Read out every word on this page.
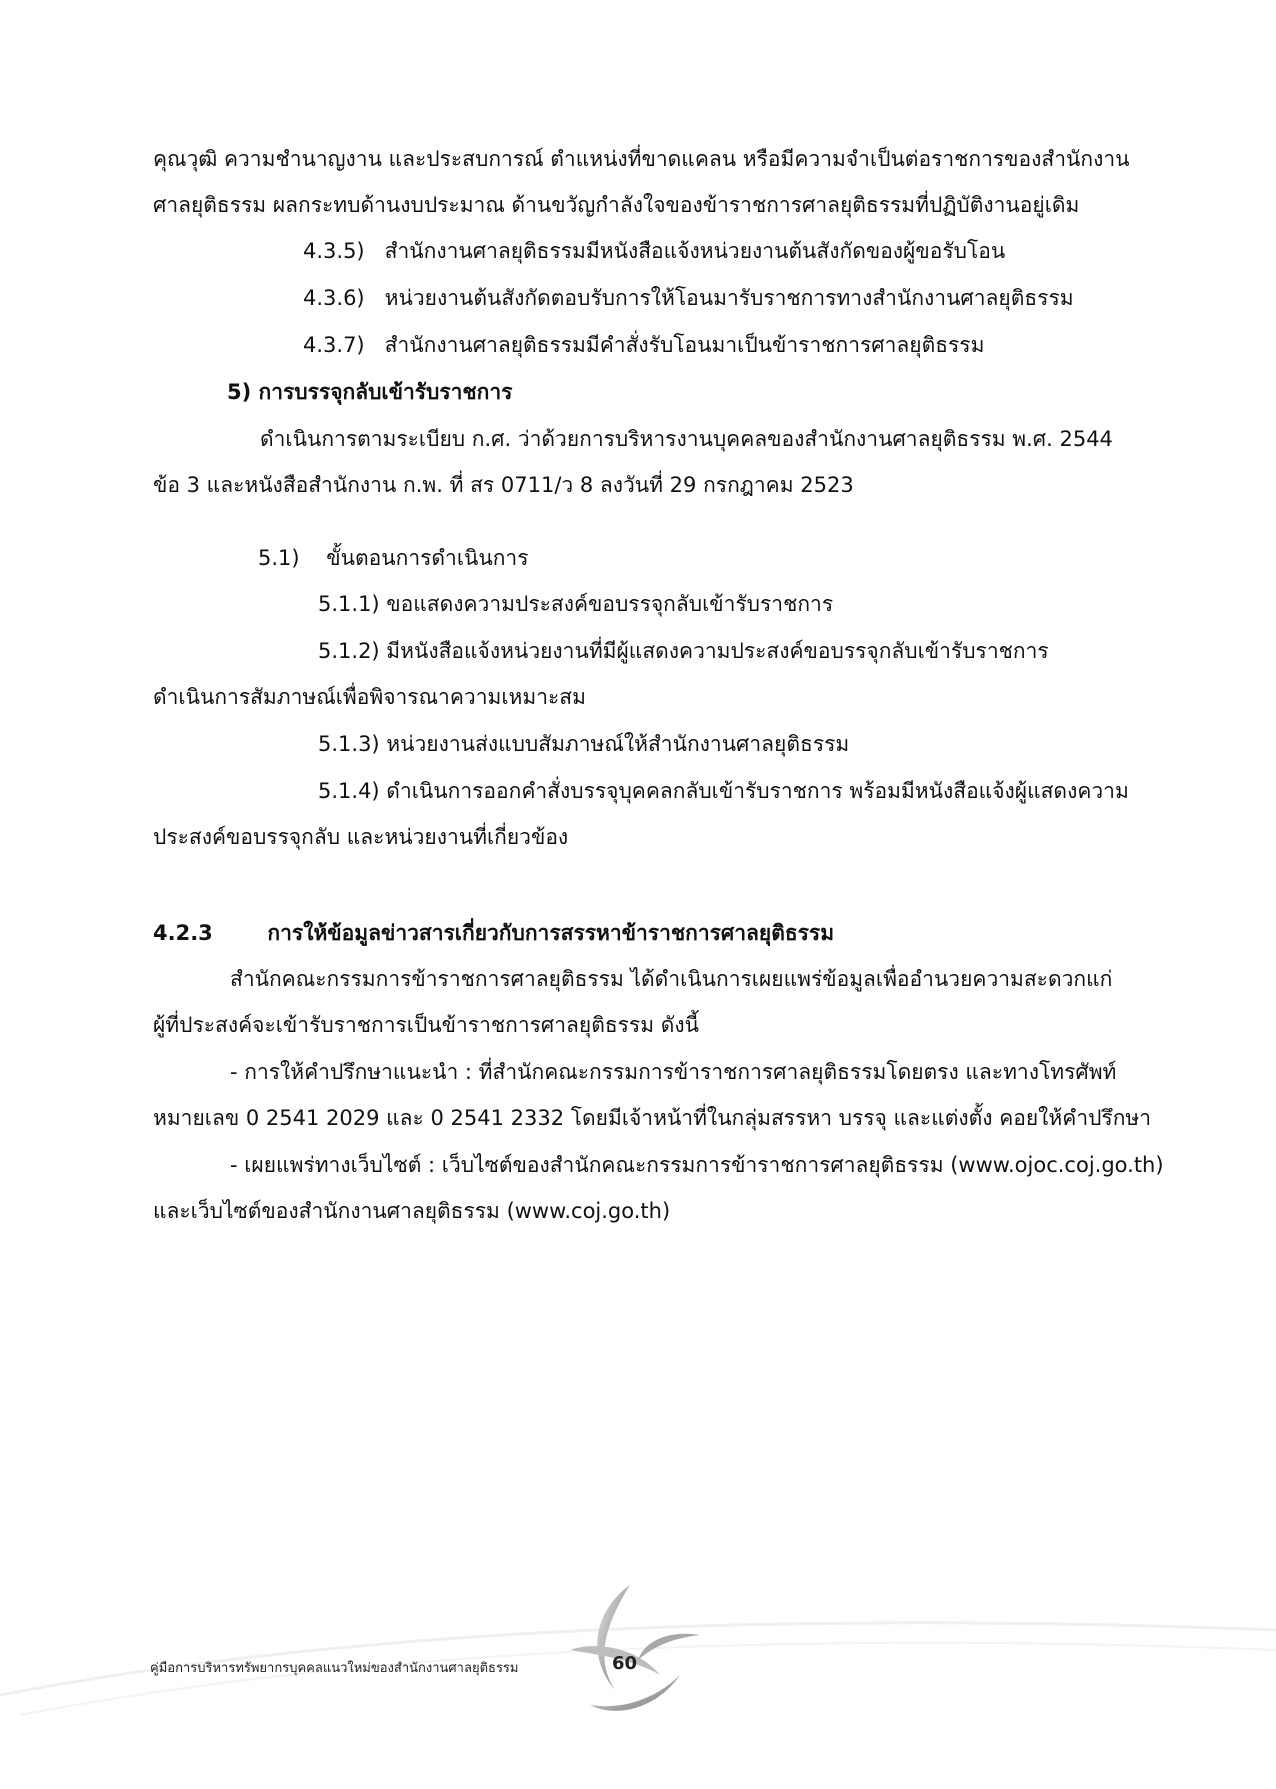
คุณวุฒิ ความชำนาญงาน และประสบการณ์ ตำแหน่งที่ขาดแคลน หรือมีความจำเป็นต่อราชการของสำนักงาน
ศาลยุติธรรม ผลกระทบด้านงบประมาณ ด้านขวัญกำลังใจของข้าราชการศาลยุติธรรมที่ปฏิบัติงานอยู่เดิม
4.3.5) สำนักงานศาลยุติธรรมมีหนังสือแจ้งหน่วยงานต้นสังกัดของผู้ขอรับโอน
4.3.6) หน่วยงานต้นสังกัดตอบรับการให้โอนมารับราชการทางสำนักงานศาลยุติธรรม
4.3.7) สำนักงานศาลยุติธรรมมีคำสั่งรับโอนมาเป็นข้าราชการศาลยุติธรรม
5) การบรรจุกลับเข้ารับราชการ
ดำเนินการตามระเบียบ ก.ศ. ว่าด้วยการบริหารงานบุคคลของสำนักงานศาลยุติธรรม พ.ศ. 2544
ข้อ 3 และหนังสือสำนักงาน ก.พ. ที่ สร 0711/ว 8 ลงวันที่ 29 กรกฎาคม 2523
5.1) ขั้นตอนการดำเนินการ
5.1.1) ขอแสดงความประสงค์ขอบรรจุกลับเข้ารับราชการ
5.1.2) มีหนังสือแจ้งหน่วยงานที่มีผู้แสดงความประสงค์ขอบรรจุกลับเข้ารับราชการ
ดำเนินการสัมภาษณ์เพื่อพิจารณาความเหมาะสม
5.1.3) หน่วยงานส่งแบบสัมภาษณ์ให้สำนักงานศาลยุติธรรม
5.1.4) ดำเนินการออกคำสั่งบรรจุบุคคลกลับเข้ารับราชการ พร้อมมีหนังสือแจ้งผู้แสดงความ
ประสงค์ขอบรรจุกลับ และหน่วยงานที่เกี่ยวข้อง
4.2.3	การให้ข้อมูลข่าวสารเกี่ยวกับการสรรหาข้าราชการศาลยุติธรรม
สำนักคณะกรรมการข้าราชการศาลยุติธรรม ได้ดำเนินการเผยแพร่ข้อมูลเพื่ออำนวยความสะดวกแก่
ผู้ที่ประสงค์จะเข้ารับราชการเป็นข้าราชการศาลยุติธรรม ดังนี้
- การให้คำปรึกษาแนะนำ : ที่สำนักคณะกรรมการข้าราชการศาลยุติธรรมโดยตรง และทางโทรศัพท์
หมายเลข 0 2541 2029 และ 0 2541 2332 โดยมีเจ้าหน้าที่ในกลุ่มสรรหา บรรจุ และแต่งตั้ง คอยให้คำปรึกษา
- เผยแพร่ทางเว็บไซต์ : เว็บไซต์ของสำนักคณะกรรมการข้าราชการศาลยุติธรรม (www.ojoc.coj.go.th)
และเว็บไซต์ของสำนักงานศาลยุติธรรม (www.coj.go.th)
คู่มือการบริหารทรัพยากรบุคคลแนวใหม่ของสำนักงานศาลยุติธรรม	60
